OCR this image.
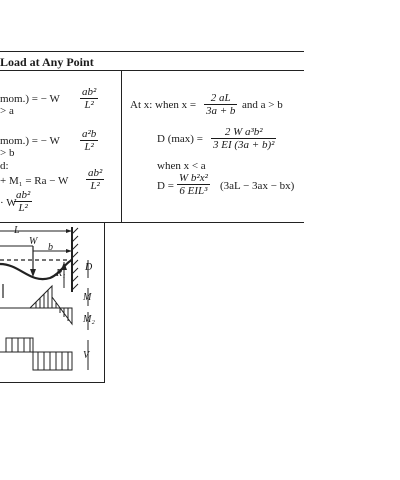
Load at Any Point
mom.) = − W $\frac{\text{ab²}}{\text{L²}}$
> a
mom.) = − W $\frac{\text{a²b}}{\text{L²}}$
> b
d:
+ M₁ = Ra − W $\frac{\text{ab²}}{\text{L²}}$
· W
$\frac{\text{ab²}}{\text{L²}}$
At x: when $x = \frac{2 aL}{3a + b}$ and a > b
D $(\max) = \frac{\text{2 W a³b²}}{\text{3 EI (3a + b)²}}$
when x < a
D =
W b²x²
6 EIL³ (3aL − 3ax − bx)
L
W
b
R₁
D
M
M₂
V
